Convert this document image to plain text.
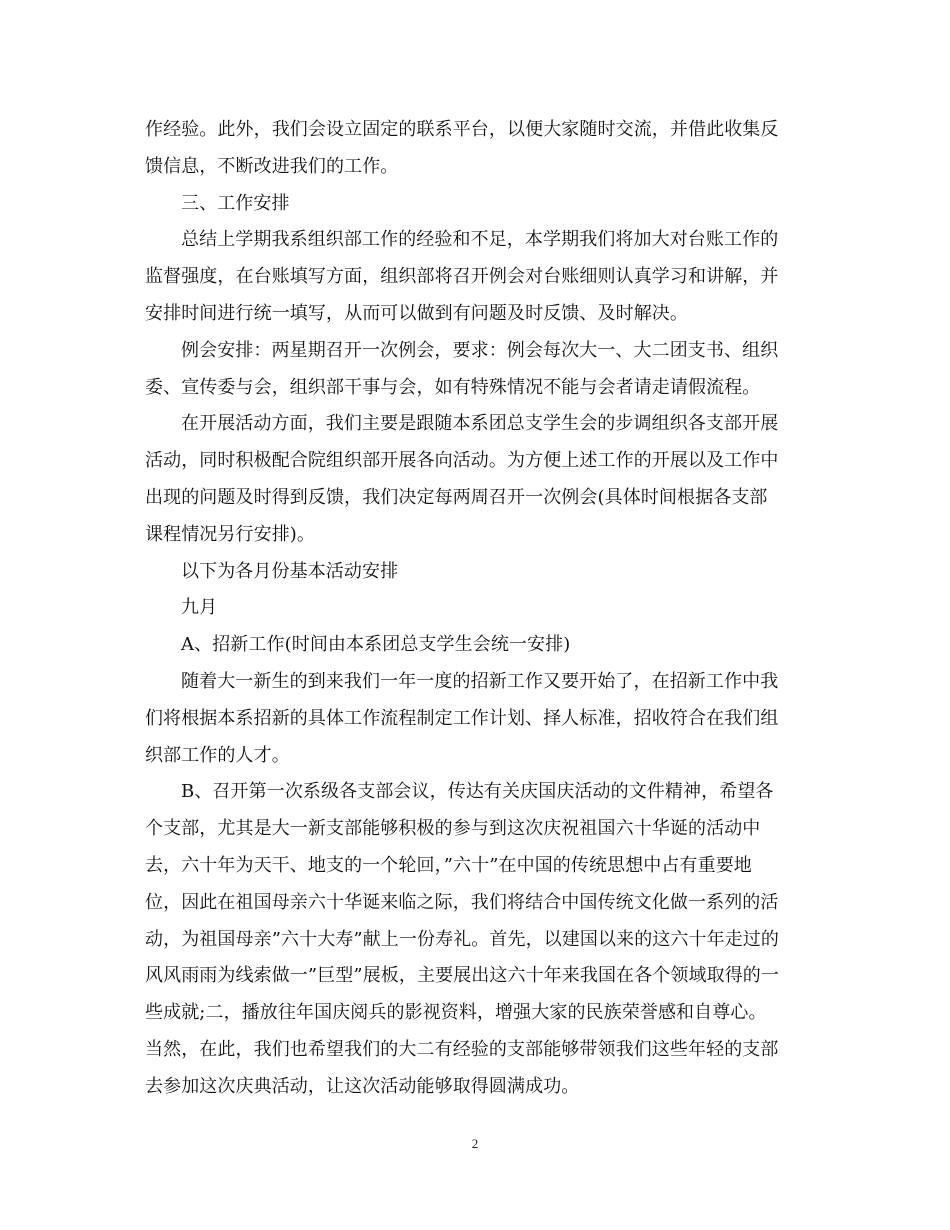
作经验。此外，我们会设立固定的联系平台，以便大家随时交流，并借此收集反
馈信息，不断改进我们的工作。
三、工作安排
总结上学期我系组织部工作的经验和不足，本学期我们将加大对台账工作的
监督强度，在台账填写方面，组织部将召开例会对台账细则认真学习和讲解，并
安排时间进行统一填写，从而可以做到有问题及时反馈、及时解决。
例会安排：两星期召开一次例会，要求：例会每次大一、大二团支书、组织
委、宣传委与会，组织部干事与会，如有特殊情况不能与会者请走请假流程。
在开展活动方面，我们主要是跟随本系团总支学生会的步调组织各支部开展
活动，同时积极配合院组织部开展各向活动。为方便上述工作的开展以及工作中
出现的问题及时得到反馈，我们决定每两周召开一次例会(具体时间根据各支部
课程情况另行安排)。
以下为各月份基本活动安排
九月
A、招新工作(时间由本系团总支学生会统一安排)
随着大一新生的到来我们一年一度的招新工作又要开始了，在招新工作中我
们将根据本系招新的具体工作流程制定工作计划、择人标准，招收符合在我们组
织部工作的人才。
B、召开第一次系级各支部会议，传达有关庆国庆活动的文件精神，希望各
个支部，尤其是大一新支部能够积极的参与到这次庆祝祖国六十华诞的活动中
去，六十年为天干、地支的一个轮回，”六十”在中国的传统思想中占有重要地
位，因此在祖国母亲六十华诞来临之际，我们将结合中国传统文化做一系列的活
动，为祖国母亲”六十大寿”献上一份寿礼。首先，以建国以来的这六十年走过的
风风雨雨为线索做一”巨型”展板，主要展出这六十年来我国在各个领域取得的一
些成就;二，播放往年国庆阅兵的影视资料，增强大家的民族荣誉感和自尊心。
当然，在此，我们也希望我们的大二有经验的支部能够带领我们这些年轻的支部
去参加这次庆典活动，让这次活动能够取得圆满成功。
2
